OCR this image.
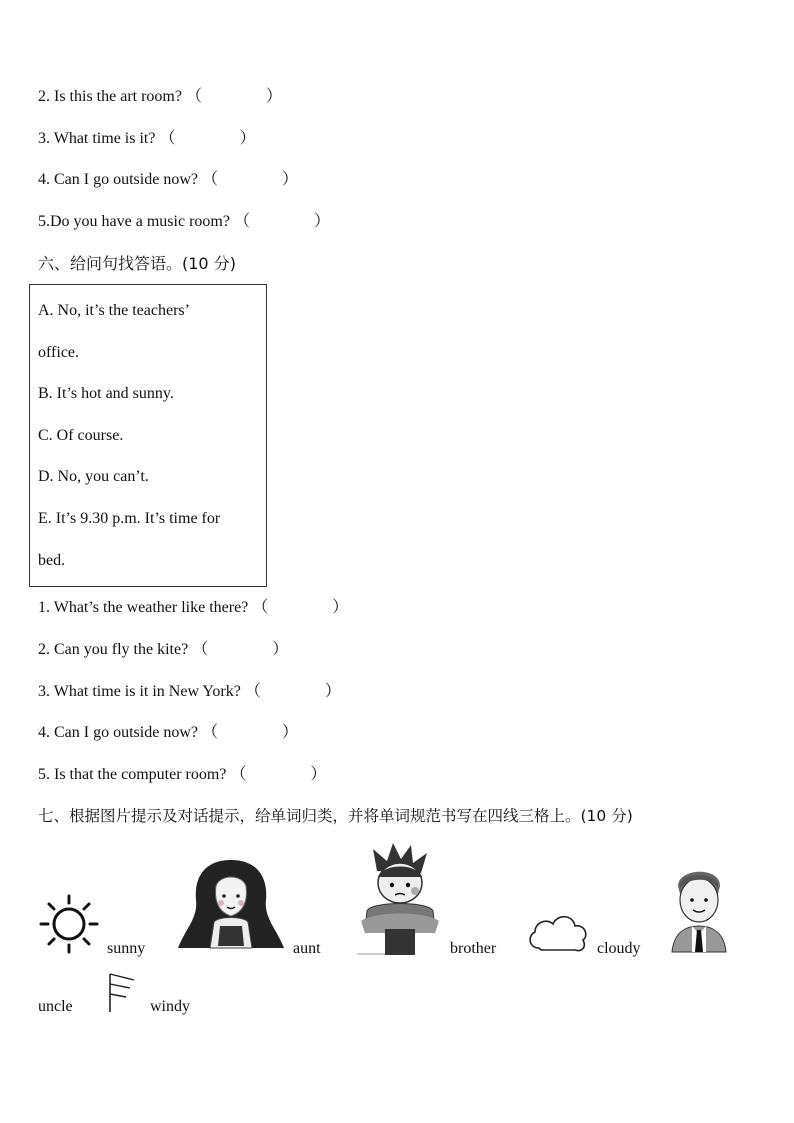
2. Is this the art room? （　　　　）
3. What time is it? （　　　　）
4. Can I go outside now? （　　　　）
5.Do you have a music room? （　　　　）
六、给问句找答语。(10 分)
A. No, it’s the teachers’
office.
B. It’s hot and sunny.
C. Of course.
D. No, you can’t.
E. It’s 9.30 p.m. It’s time for
bed.
1. What’s the weather like there? （　　　　）
2. Can you fly the kite? （　　　　）
3. What time is it in New York? （　　　　）
4. Can I go outside now? （　　　　）
5. Is that the computer room? （　　　　）
七、根据图片提示及对话提示，给单词归类，并将单词规范书写在四线三格上。(10 分)
sunny	aunt	brother	cloudy
uncle	windy
